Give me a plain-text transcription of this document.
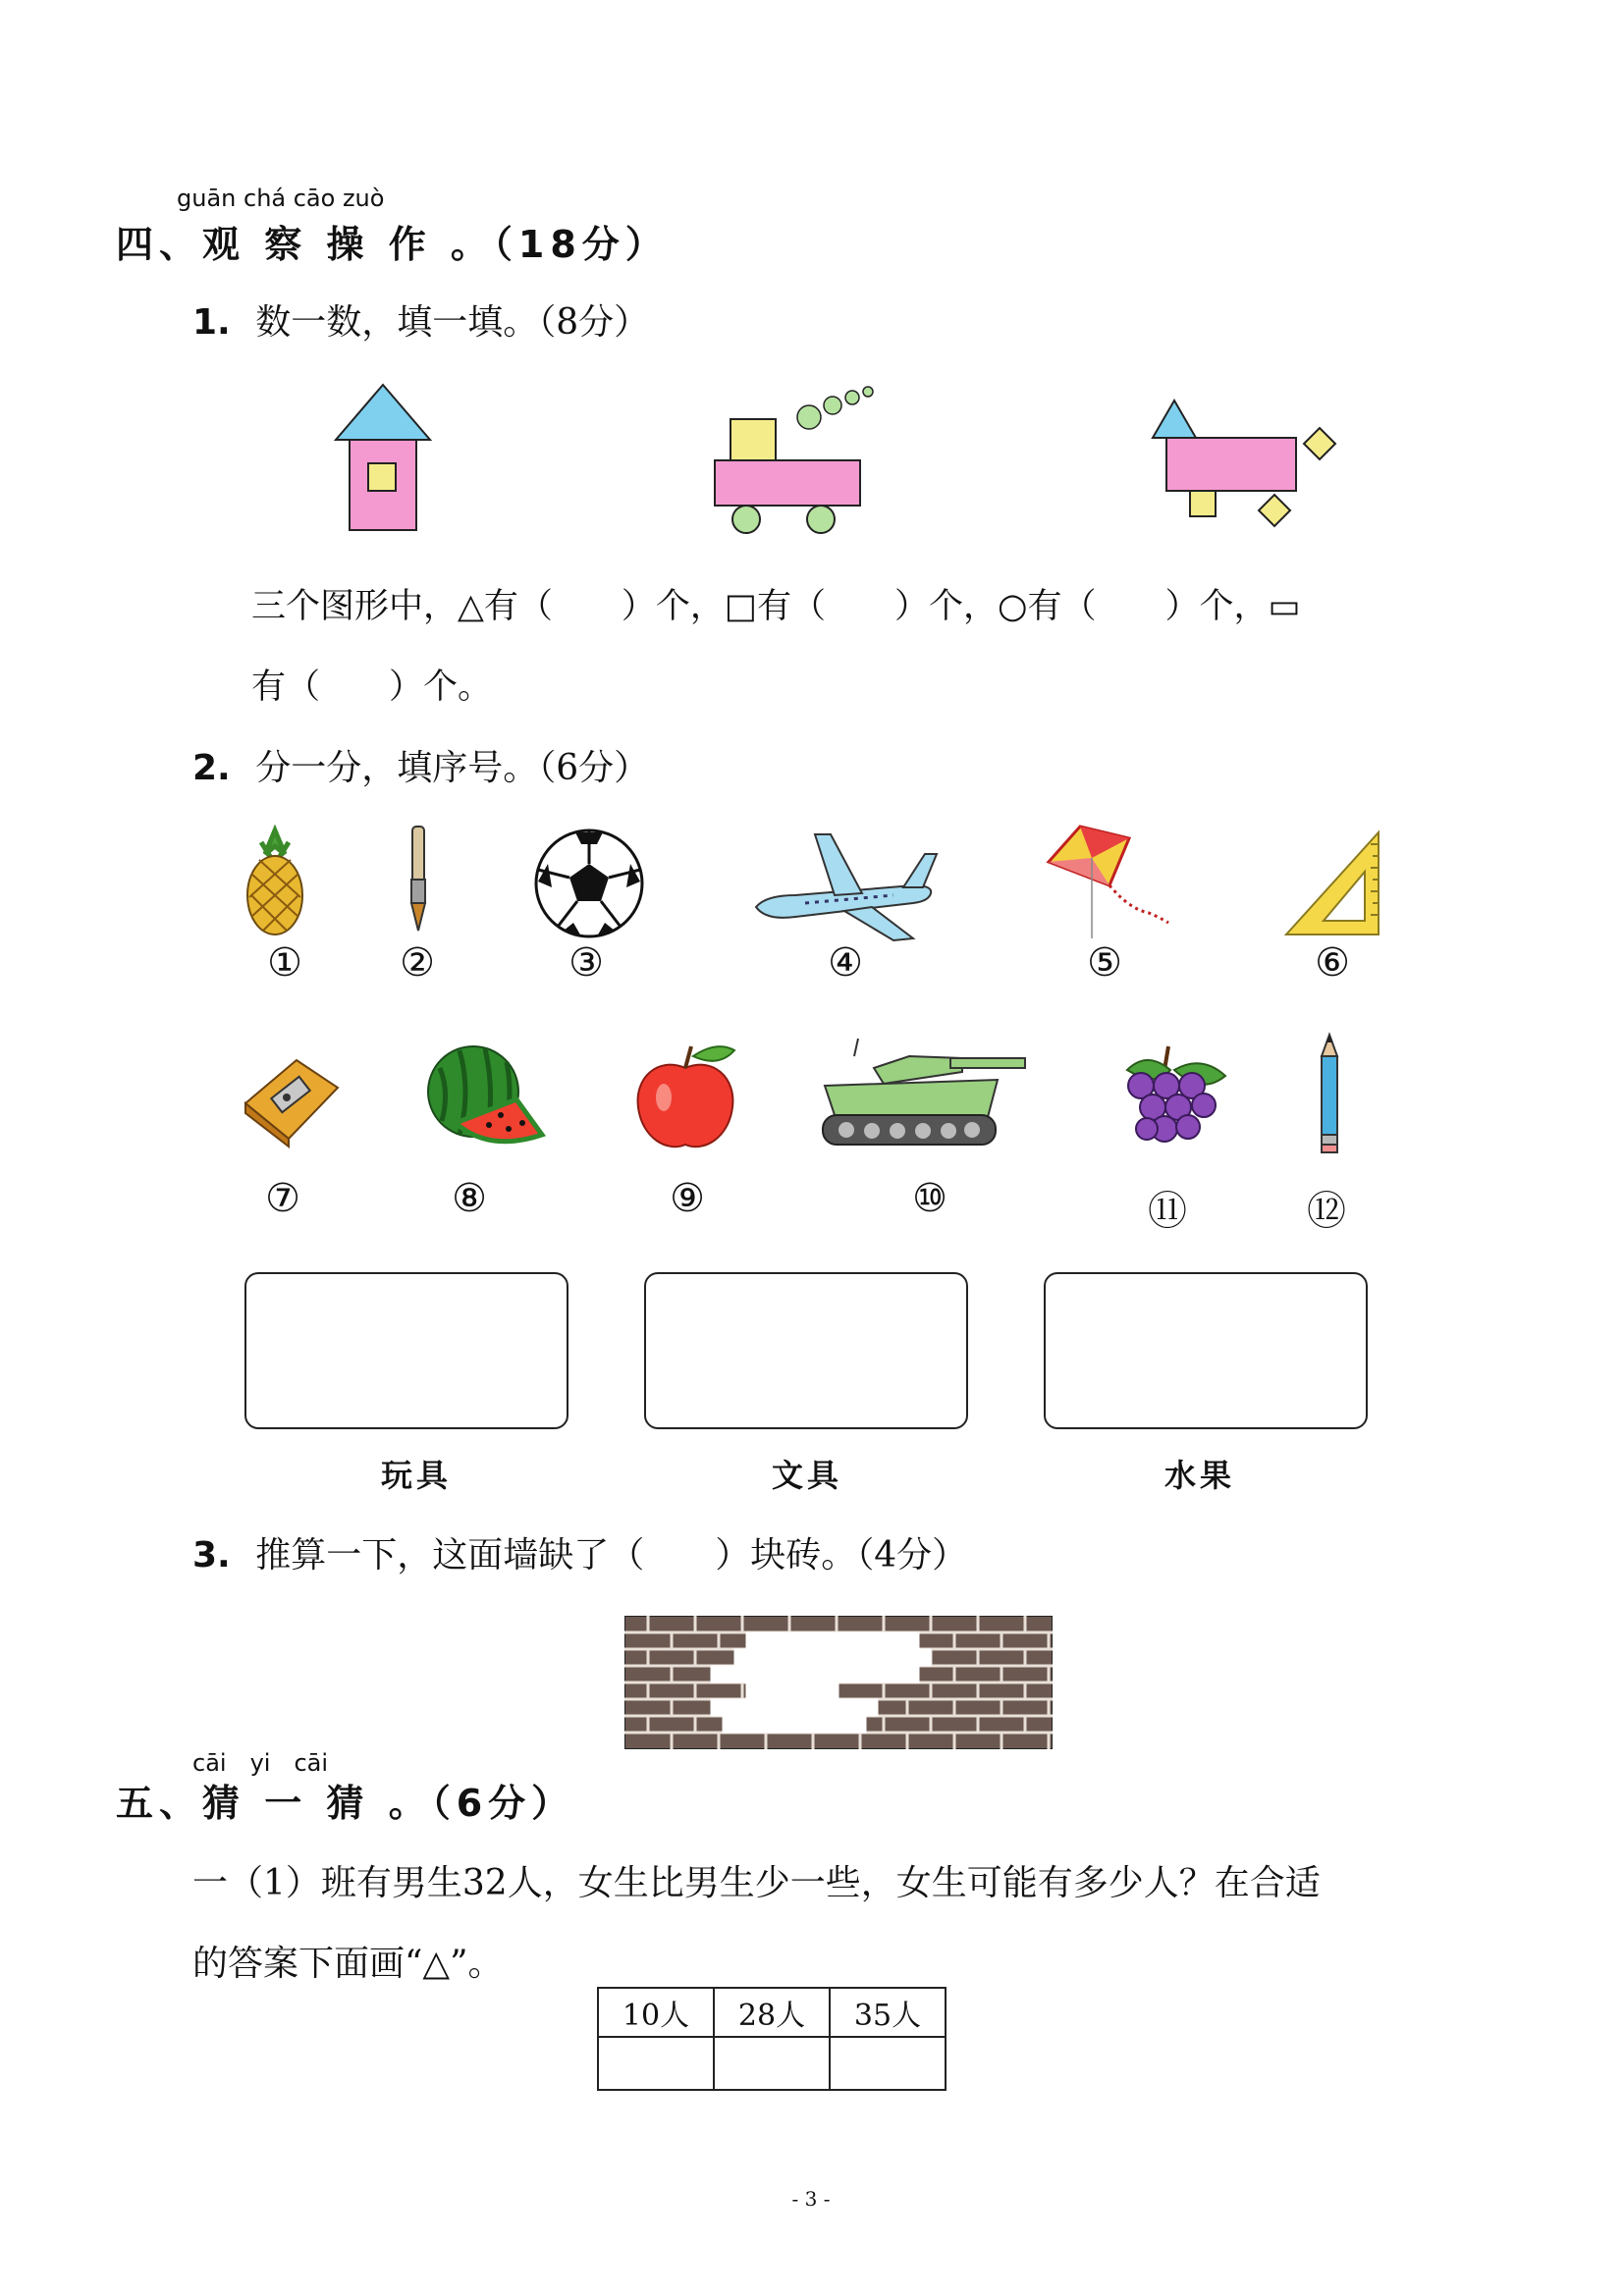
guān chá cāo zuò
四、观 察 操 作 。（18分）
1. 数一数，填一填。（8分）
三个图形中，△有（　　）个，□有（　　）个，○有（　　）个，▭
有（　　）个。
2. 分一分，填序号。（6分）
①	②	③	④	⑤	⑥
⑦	⑧	⑨	⑩	⑪	⑫
玩具	文具	水果
3. 推算一下，这面墙缺了（　　）块砖。（4分）
cāi　yi　cāi
五、猜 一 猜 。（6分）
一（1）班有男生32人，女生比男生少一些，女生可能有多少人？在合适
的答案下面画“△”。
10人	28人	35人

- 3 -
